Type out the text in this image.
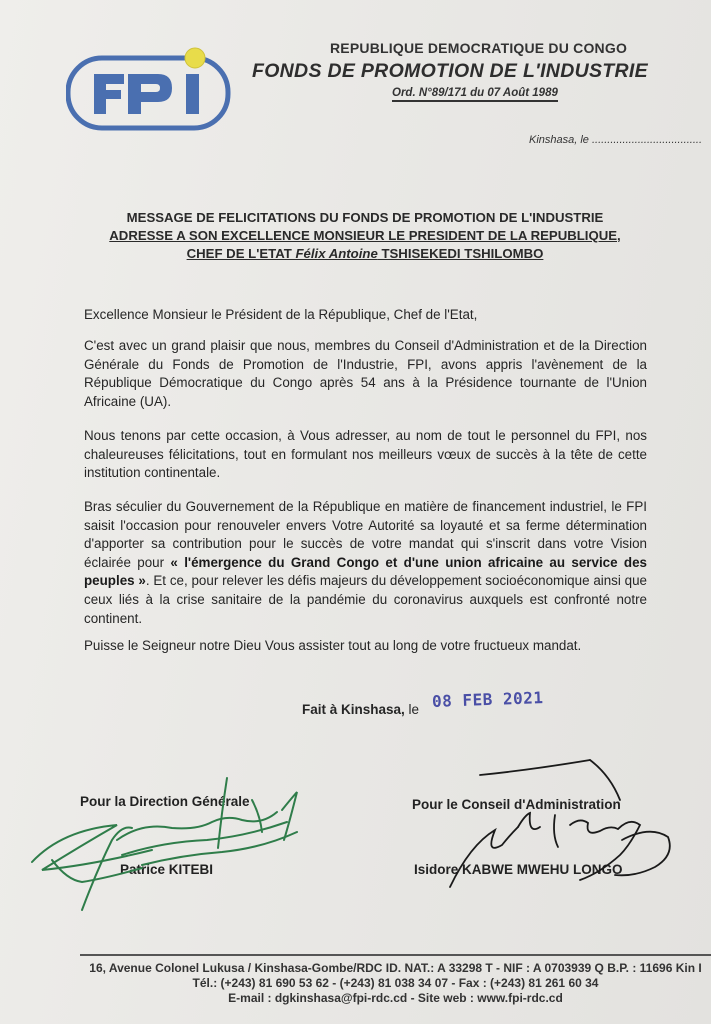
FPI
REPUBLIQUE DEMOCRATIQUE DU CONGO
FONDS DE PROMOTION DE L'INDUSTRIE
Ord. N°89/171 du 07 Août 1989
Kinshasa, le ....................................
MESSAGE DE FELICITATIONS DU FONDS DE PROMOTION DE L'INDUSTRIE
ADRESSE A SON EXCELLENCE MONSIEUR LE PRESIDENT DE LA REPUBLIQUE,
CHEF DE L'ETAT Félix Antoine TSHISEKEDI TSHILOMBO
Excellence Monsieur le Président de la République, Chef de l'Etat,
C'est avec un grand plaisir que nous, membres du Conseil d'Administration et de la Direction Générale du Fonds de Promotion de l'Industrie, FPI, avons appris l'avènement de la République Démocratique du Congo après 54 ans à la Présidence tournante de l'Union Africaine (UA).
Nous tenons par cette occasion, à Vous adresser, au nom de tout le personnel du FPI, nos chaleureuses félicitations, tout en formulant nos meilleurs vœux de succès à la tête de cette institution continentale.
Bras séculier du Gouvernement de la République en matière de financement industriel, le FPI saisit l'occasion pour renouveler envers Votre Autorité sa loyauté et sa ferme détermination d'apporter sa contribution pour le succès de votre mandat qui s'inscrit dans votre Vision éclairée pour « l'émergence du Grand Congo et d'une union africaine au service des peuples ». Et ce, pour relever les défis majeurs du développement socioéconomique ainsi que ceux liés à la crise sanitaire de la pandémie du coronavirus auxquels est confronté notre continent.
Puisse le Seigneur notre Dieu Vous assister tout au long de votre fructueux mandat.
Fait à Kinshasa, le 08 FEB 2021
Pour la Direction Générale
Patrice KITEBI
Pour le Conseil d'Administration
Isidore KABWE MWEHU LONGO
16, Avenue Colonel Lukusa / Kinshasa-Gombe/RDC ID. NAT.: A 33298 T - NIF : A 0703939 Q B.P. : 11696 Kin I
Tél.: (+243) 81 690 53 62 - (+243) 81 038 34 07 - Fax : (+243) 81 261 60 34
E-mail : dgkinshasa@fpi-rdc.cd - Site web : www.fpi-rdc.cd
